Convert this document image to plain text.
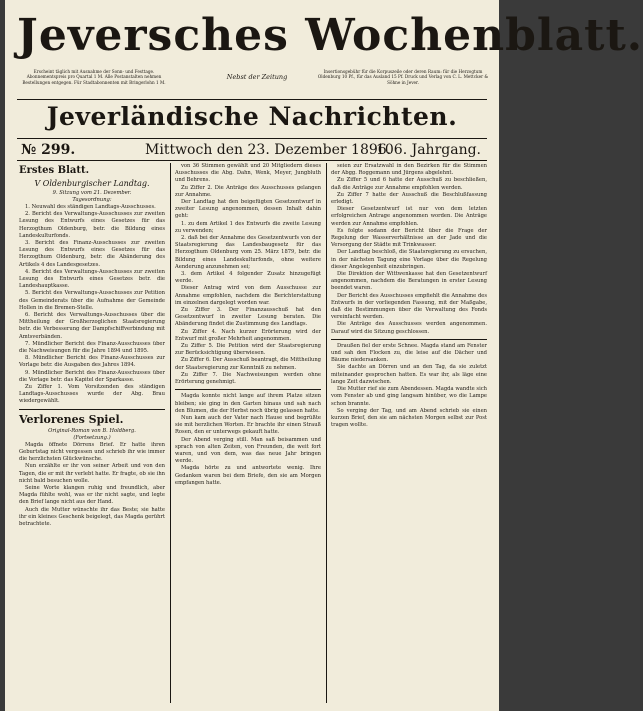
Jeversches Wochenblatt.
Erscheint täglich mit Ausnahme der Sonn- und Festtage. Abonnementspreis pro Quartal 1 M. Alle Postanstalten nehmen Bestellungen entgegen. Für Stadtabonnenten mit Bringerlohn 1 M.
Nebst der Zeitung
Insertionsgebühr für die Korpuszeile oder deren Raum: für die Herzogtum Oldenburg 10 Pf., für das Ausland 15 Pf. Druck und Verlag von C. L. Mettcker & Söhne in Jever.
Jeverländische Nachrichten.
№ 299.	Mittwoch den 23. Dezember 1896.
106. Jahrgang.
Erstes Blatt.
V Oldenburgischer Landtag.
9. Sitzung vom 21. Dezember.
Tagesordnung:

1. Neuwahl des ständigen Landtags-Ausschusses.

2. Bericht des Verwaltungs-Ausschusses zur zweiten Lesung des Entwurfs eines Gesetzes für das Herzogthum Oldenburg, betr. die Bildung eines Landeskulturfonds.

3. Bericht des Finanz-Ausschusses zur zweiten Lesung des Entwurfs eines Gesetzes für das Herzogthum Oldenburg, betr. die Abänderung des Artikels 4 des Landesgesetzes.

4. Bericht des Verwaltungs-Ausschusses zur zweiten Lesung des Entwurfs eines Gesetzes betr. die Landeshauptkasse.

5. Bericht des Verwaltungs-Ausschusses zur Petition des Gemeinderats über die Aufnahme der Gemeinde Hollen in die Bremen-Stelle.

6. Bericht des Verwaltungs-Ausschusses über die Mittheilung der Großherzoglichen Staatsregierung betr. die Verbesserung der Dampfschiffverbindung mit Amtsverbänden.

7. Mündlicher Bericht des Finanz-Ausschusses über die Nachweisungen für die Jahre 1894 und 1895.

8. Mündlicher Bericht des Finanz-Ausschusses zur Vorlage betr. die Ausgaben des Jahres 1894.

9. Mündlicher Bericht des Finanz-Ausschusses über die Vorlage betr. das Kapitel der Sparkasse.

Zu Ziffer 1. Vom Vorsitzenden des ständigen Landtags-Ausschusses wurde der Abg. Brau wiedergewählt.

Verlorenes Spiel.
Original-Roman von B. Holdberg.
(Fortsetzung.)

Magda öffnete Dörrens Brief. Er hatte ihren Geburtstag nicht vergessen und schrieb ihr wie immer die herzlichsten Glückwünsche.

Nun erzählte er ihr von seiner Arbeit und von den Tagen, die er mit ihr verlebt hatte. Er fragte, ob sie ihn nicht bald besuchen wolle.

Seine Worte klangen ruhig und freundlich, aber Magda fühlte wohl, was er ihr nicht sagte, und legte den Brief lange nicht aus der Hand.

Auch die Mutter wünschte ihr das Beste; sie hatte ihr ein kleines Geschenk beigelegt, das Magda gerührt betrachtete.

von 36 Stimmen gewählt und 20 Mitgliedern dieses Ausschusses die Abg. Dahn, Wenk, Meyer, Jungbluth und Behrens.

Zu Ziffer 2. Die Anträge des Ausschusses gelangen zur Annahme.

Der Landtag hat den beigefügten Gesetzentwurf in zweiter Lesung angenommen, dessen Inhalt dahin geht:

1. zu dem Artikel 1 des Entwurfs die zweite Lesung zu verwenden;

2. daß bei der Annahme des Gesetzentwurfs von der Staatsregierung das Landesbaugesetz für das Herzogthum Oldenburg vom 25. März 1879, betr. die Bildung eines Landeskulturfonds, ohne weitere Aenderung anzunehmen sei;

3. dem Artikel 4 folgender Zusatz hinzugefügt werde.

Dieser Antrag wird von dem Ausschusse zur Annahme empfohlen, nachdem die Berichterstattung im einzelnen dargelegt worden war.

Zu Ziffer 3. Der Finanzausschuß hat den Gesetzentwurf in zweiter Lesung beraten. Die Abänderung findet die Zustimmung des Landtags.

Zu Ziffer 4. Nach kurzer Erörterung wird der Entwurf mit großer Mehrheit angenommen.

Zu Ziffer 5. Die Petition wird der Staatsregierung zur Berücksichtigung überwiesen.

Zu Ziffer 6. Der Ausschuß beantragt, die Mittheilung der Staatsregierung zur Kenntniß zu nehmen.

Zu Ziffer 7. Die Nachweisungen werden ohne Erörterung genehmigt.

Magda konnte nicht lange auf ihrem Platze sitzen bleiben; sie ging in den Garten hinaus und sah nach den Blumen, die der Herbst noch übrig gelassen hatte.

Nun kam auch der Vater nach Hause und begrüßte sie mit herzlichen Worten. Er brachte ihr einen Strauß Rosen, den er unterwegs gekauft hatte.

Der Abend verging still. Man saß beisammen und sprach von alten Zeiten, von Freunden, die weit fort waren, und von dem, was das neue Jahr bringen werde.

Magda hörte zu und antwortete wenig. Ihre Gedanken waren bei dem Briefe, den sie am Morgen empfangen hatte.

seien zur Ersatzwahl in den Bezirken für die Stimmen der Abgg. Roggemann und Jürgens abgelehnt.

Zu Ziffer 5 und 6 hatte der Ausschuß zu beschließen, daß die Anträge zur Annahme empfohlen werden.

Zu Ziffer 7 hatte der Ausschuß die Beschlußfassung erledigt.

Dieser Gesetzentwurf ist nur von dem letzten erfolgreichen Antrage angenommen worden. Die Anträge werden zur Annahme empfohlen.

Es folgte sodann der Bericht über die Frage der Regelung der Wasserverhältnisse an der Jade und die Versorgung der Städte mit Trinkwasser.

Der Landtag beschloß, die Staatsregierung zu ersuchen, in der nächsten Tagung eine Vorlage über die Regelung dieser Angelegenheit einzubringen.

Die Direktion der Wittwenkasse hat den Gesetzentwurf angenommen, nachdem die Beratungen in erster Lesung beendet waren.

Der Bericht des Ausschusses empfiehlt die Annahme des Entwurfs in der vorliegenden Fassung, mit der Maßgabe, daß die Bestimmungen über die Verwaltung des Fonds vereinfacht werden.

Die Anträge des Ausschusses werden angenommen. Darauf wird die Sitzung geschlossen.

Draußen fiel der erste Schnee. Magda stand am Fenster und sah den Flocken zu, die leise auf die Dächer und Bäume niedersanken.

Sie dachte an Dörren und an den Tag, da sie zuletzt miteinander gesprochen hatten. Es war ihr, als läge eine lange Zeit dazwischen.

Die Mutter rief sie zum Abendessen. Magda wandte sich vom Fenster ab und ging langsam hinüber, wo die Lampe schon brannte.

So verging der Tag, und am Abend schrieb sie einen kurzen Brief, den sie am nächsten Morgen selbst zur Post tragen wollte.
